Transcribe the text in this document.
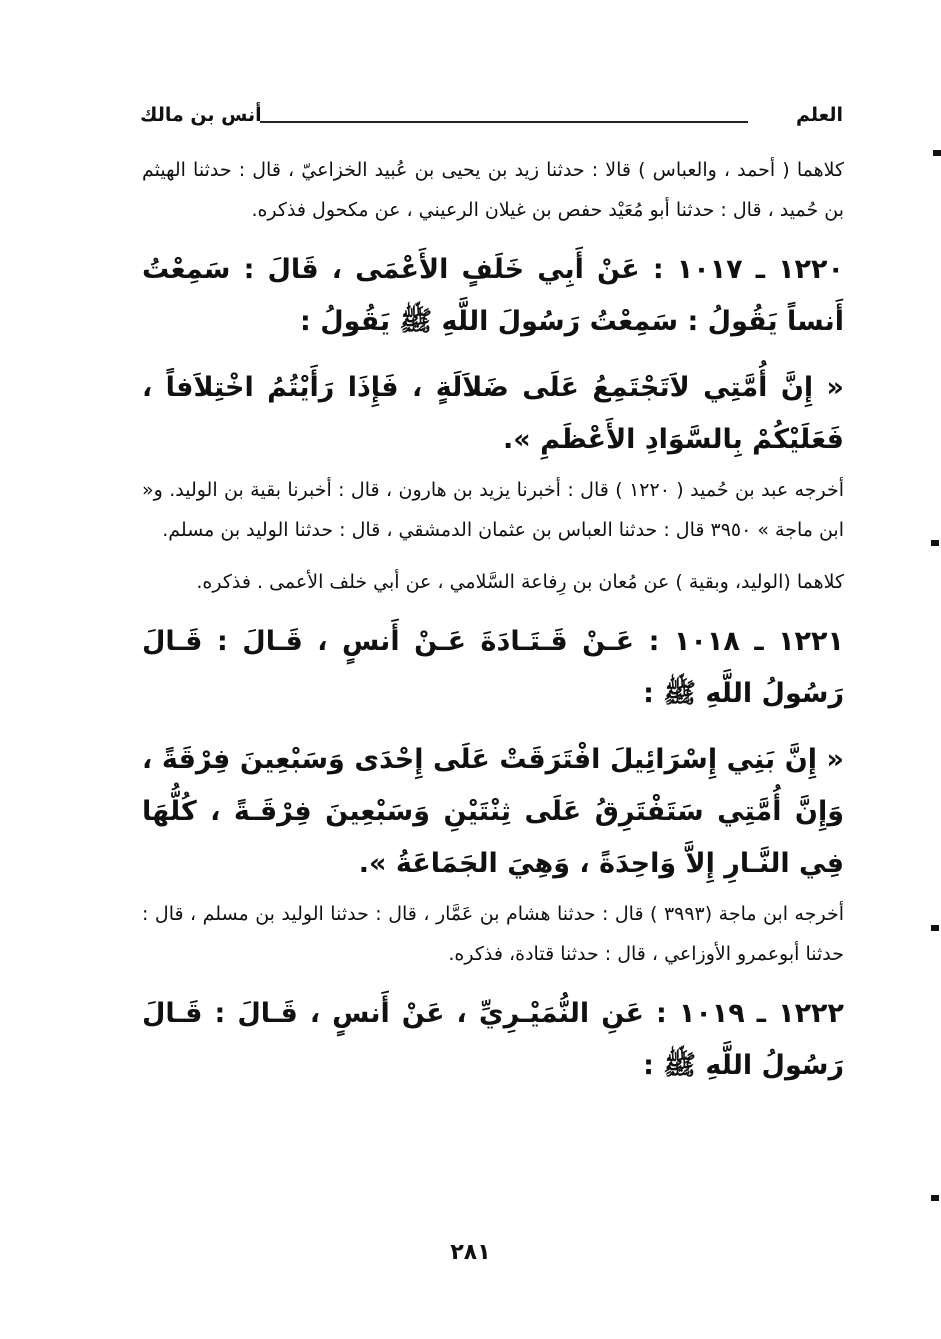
العلم
أنس بن مالك

كلاهما ( أحمد ، والعباس ) قالا : حدثنا زيد بن يحيى بن عُبيد الخزاعيّ ، قال : حدثنا الهيثم بن حُميد ، قال : حدثنا أبو مُعَيْد حفص بن غيلان الرعيني ، عن مكحول فذكره.

١٢٢٠ ـ ١٠١٧ : عَنْ أَبِي خَلَفٍ الأَعْمَى ، قَالَ : سَمِعْتُ أَنساً يَقُولُ : سَمِعْتُ رَسُولَ اللَّهِ ﷺ يَقُولُ :

« إِنَّ أُمَّتِي لاَتَجْتَمِعُ عَلَى ضَلاَلَةٍ ، فَإِذَا رَأَيْتُمُ اخْتِلاَفاً ، فَعَلَيْكُمْ بِالسَّوَادِ الأَعْظَمِ ».

أخرجه عبد بن حُميد ( ١٢٢٠ ) قال : أخبرنا يزيد بن هارون ، قال : أخبرنا بقية بن الوليد. و« ابن ماجة » ٣٩٥٠ قال : حدثنا العباس بن عثمان الدمشقي ، قال : حدثنا الوليد بن مسلم.

كلاهما (الوليد، وبقية ) عن مُعان بن رِفاعة السَّلامي ، عن أبي خلف الأعمى . فذكره.

١٢٢١ ـ ١٠١٨ : عَـنْ قَـتَـادَةَ عَـنْ أَنسٍ ، قَـالَ : قَـالَ رَسُولُ اللَّهِ ﷺ :

« إِنَّ بَنِي إِسْرَائِيلَ افْتَرَقَتْ عَلَى إِحْدَى وَسَبْعِينَ فِرْقَةً ، وَإِنَّ أُمَّتِي سَتَفْتَرِقُ عَلَى ثِنْتَيْنِ وَسَبْعِينَ فِرْقَـةً ، كُلُّهَا فِي النَّـارِ إِلاَّ وَاحِدَةً ، وَهِيَ الجَمَاعَةُ ».

أخرجه ابن ماجة (٣٩٩٣ ) قال : حدثنا هشام بن عَمَّار ، قال : حدثنا الوليد بن مسلم ، قال : حدثنا أبوعمرو الأوزاعي ، قال : حدثنا قتادة، فذكره.

١٢٢٢ ـ ١٠١٩ : عَنِ النُّمَيْـرِيِّ ، عَنْ أَنسٍ ، قَـالَ : قَـالَ رَسُولُ اللَّهِ ﷺ :

٢٨١
